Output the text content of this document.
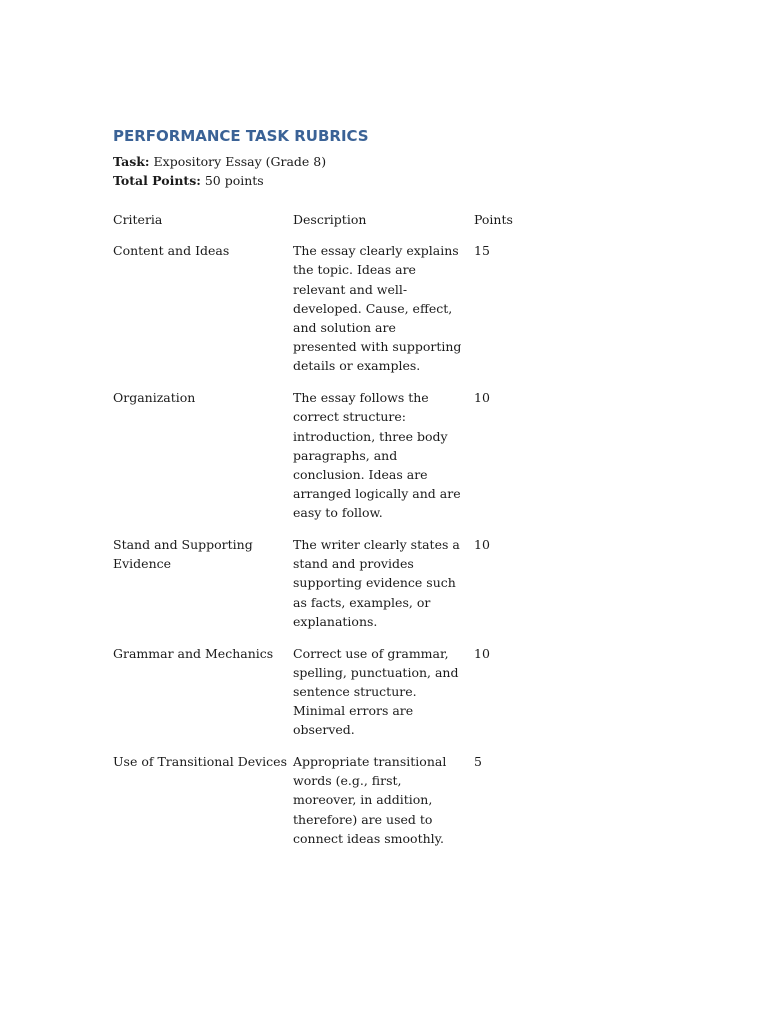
PERFORMANCE TASK RUBRICS

Task: Expository Essay (Grade 8)

Total Points: 50 points

Criteria	Description	Points
Content and Ideas	The essay clearly explains the topic. Ideas are relevant and well-developed. Cause, effect, and solution are presented with supporting details or examples.	15
Organization	The essay follows the correct structure: introduction, three body paragraphs, and conclusion. Ideas are arranged logically and are easy to follow.	10
Stand and Supporting Evidence	The writer clearly states a stand and provides supporting evidence such as facts, examples, or explanations.	10
Grammar and Mechanics	Correct use of grammar, spelling, punctuation, and sentence structure. Minimal errors are observed.	10
Use of Transitional Devices	Appropriate transitional words (e.g., first, moreover, in addition, therefore) are used to connect ideas smoothly.	5
